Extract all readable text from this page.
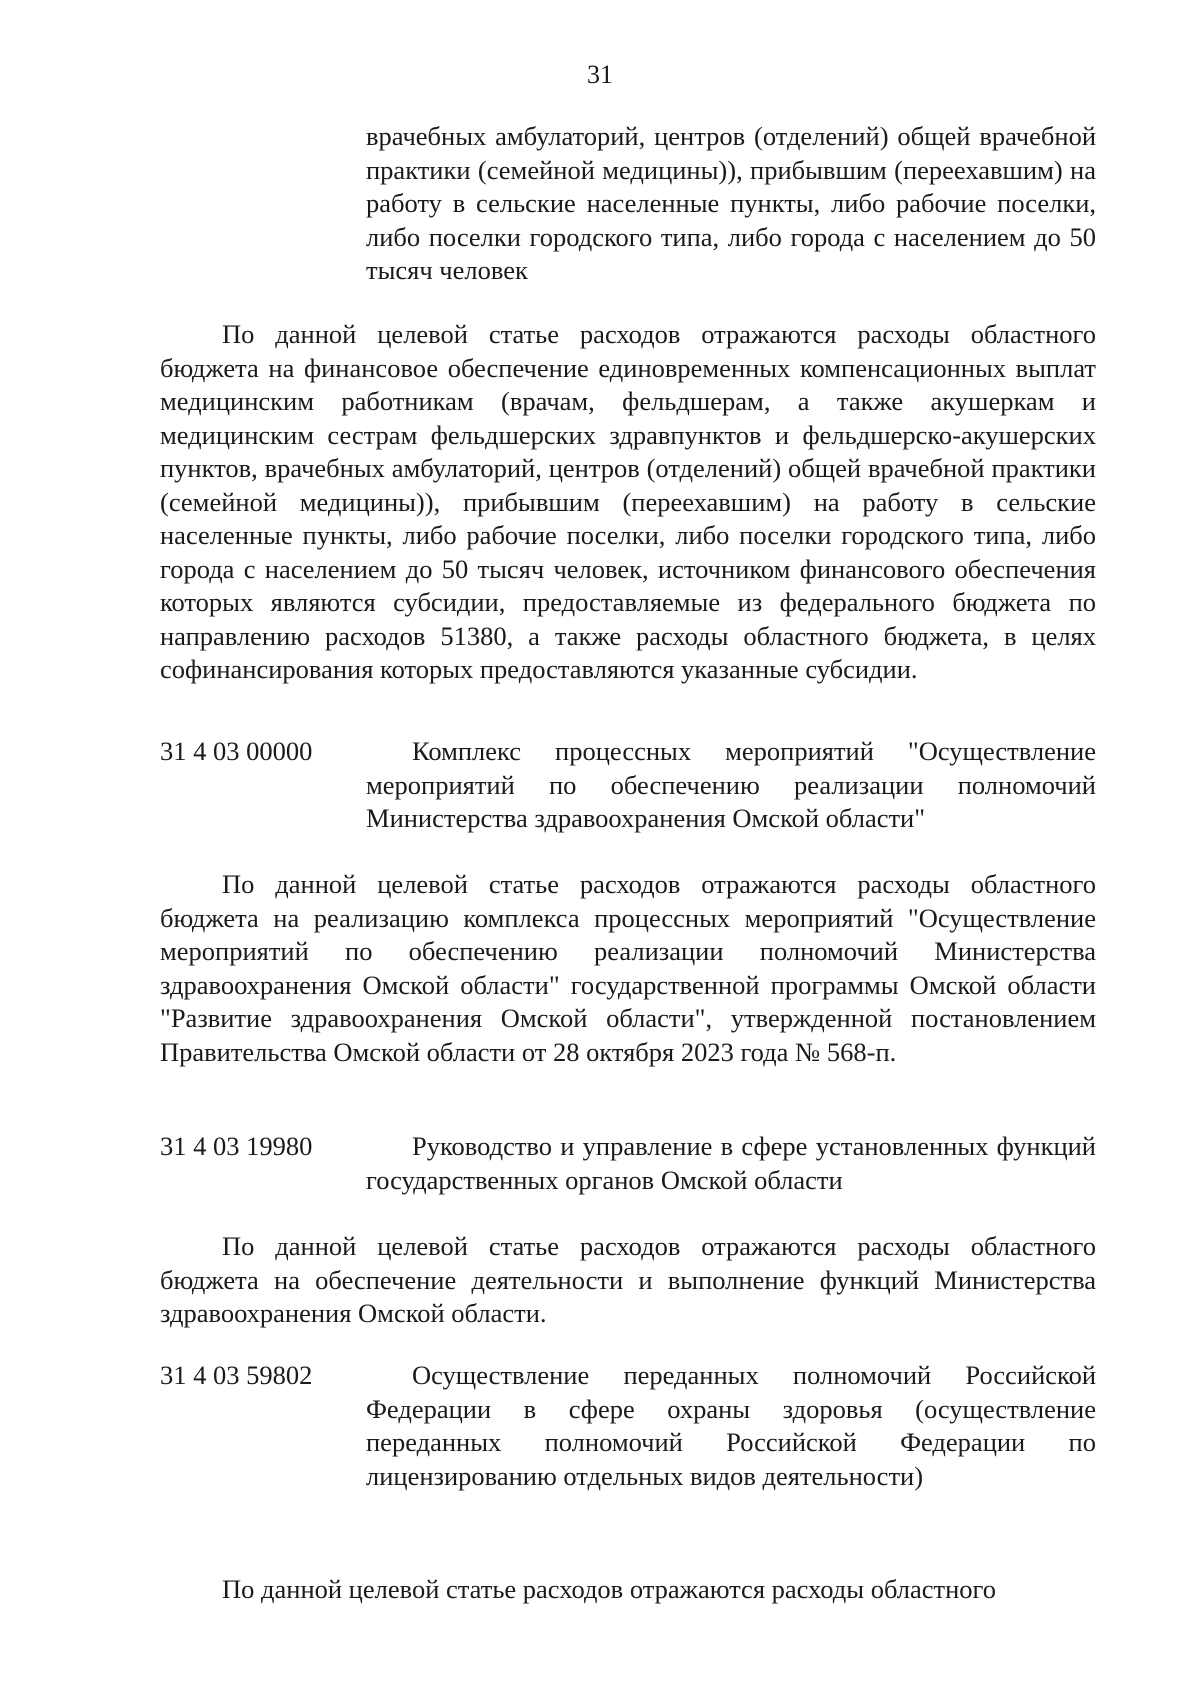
31
врачебных амбулаторий, центров (отделений) общей врачебной практики (семейной медицины)), прибывшим (переехавшим) на работу в сельские населенные пункты, либо рабочие поселки, либо поселки городского типа, либо города с населением до 50 тысяч человек
По данной целевой статье расходов отражаются расходы областного бюджета на финансовое обеспечение единовременных компенсационных выплат медицинским работникам (врачам, фельдшерам, а также акушеркам и медицинским сестрам фельдшерских здравпунктов и фельдшерско-акушерских пунктов, врачебных амбулаторий, центров (отделений) общей врачебной практики (семейной медицины)), прибывшим (переехавшим) на работу в сельские населенные пункты, либо рабочие поселки, либо поселки городского типа, либо города с населением до 50 тысяч человек, источником финансового обеспечения которых являются субсидии, предоставляемые из федерального бюджета по направлению расходов 51380, а также расходы областного бюджета, в целях софинансирования которых предоставляются указанные субсидии.
31 4 03 00000	Комплекс процессных мероприятий "Осуществление мероприятий по обеспечению реализации полномочий Министерства здравоохранения Омской области"
По данной целевой статье расходов отражаются расходы областного бюджета на реализацию комплекса процессных мероприятий "Осуществление мероприятий по обеспечению реализации полномочий Министерства здравоохранения Омской области" государственной программы Омской области "Развитие здравоохранения Омской области", утвержденной постановлением Правительства Омской области от 28 октября 2023 года № 568-п.
31 4 03 19980	Руководство и управление в сфере установленных функций государственных органов Омской области
По данной целевой статье расходов отражаются расходы областного бюджета на обеспечение деятельности и выполнение функций Министерства здравоохранения Омской области.
31 4 03 59802	Осуществление переданных полномочий Российской Федерации в сфере охраны здоровья (осуществление переданных полномочий Российской Федерации по лицензированию отдельных видов деятельности)
По данной целевой статье расходов отражаются расходы областного
